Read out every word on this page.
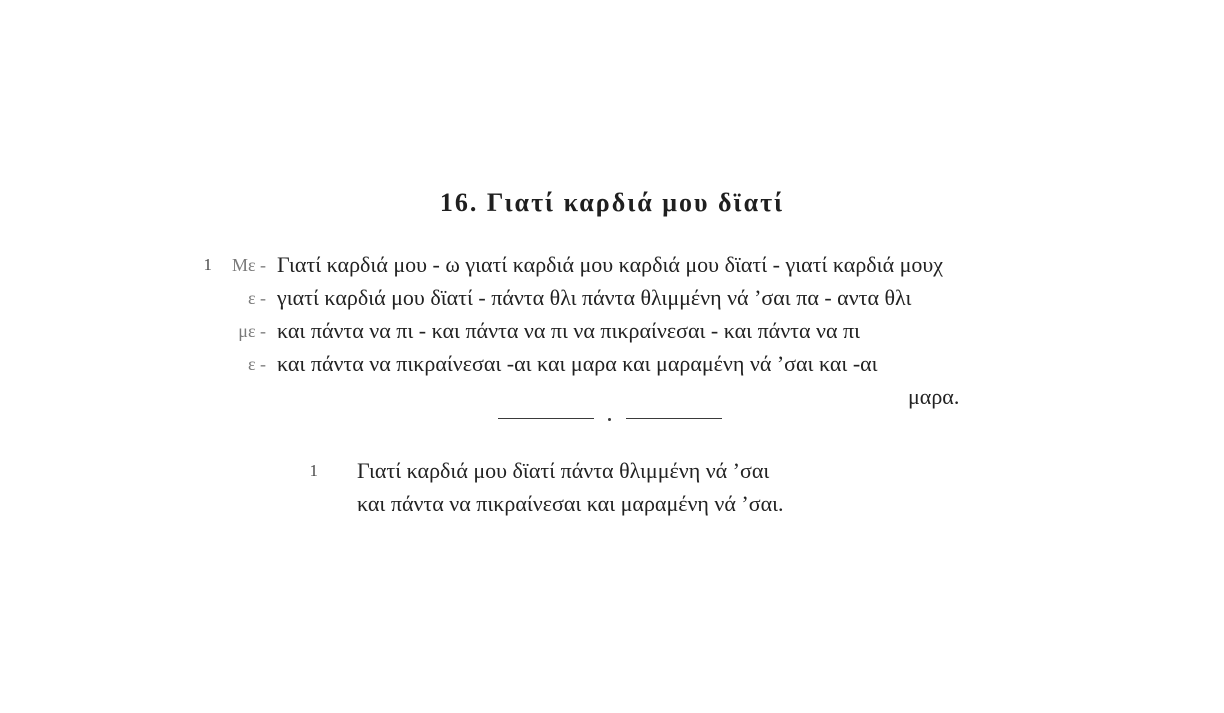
16. Γιατί καρδιά μου δϊατί
1 Με - Γιατί καρδιά μου - ω γιατί καρδιά μου καρδιά μου δϊατί - γιατί καρδιά μουχ
ε - γιατί καρδιά μου δϊατί - πάντα θλι πάντα θλιμμένη νά ’σαι πα - αντα θλι
με - και πάντα να πι - και πάντα να πι να πικραίνεσαι - και πάντα να πι
ε - και πάντα να πικραίνεσαι -αι και μαρα και μαραμένη νά ’σαι και -αι
μαρα.
1 Γιατί καρδιά μου δϊατί πάντα θλιμμένη νά ’σαι
και πάντα να πικραίνεσαι και μαραμένη νά ’σαι.
